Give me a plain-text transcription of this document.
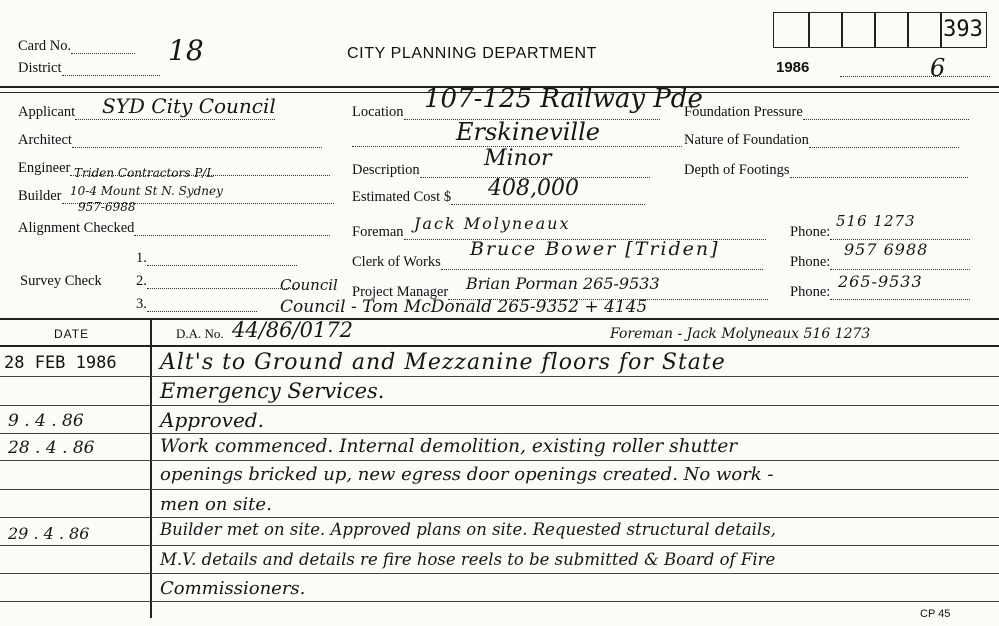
Card No.	18
District
CITY PLANNING DEPARTMENT
1986	6
393
Applicant	SYD City Council
Architect
Engineer Triden Contractors P/L
Builder 10-4 Mount St N. Sydney
957-6988
Alignment Checked
1.
Survey Check 2.
3.
Location 107-125 Railway Pde
Erskineville
Description	Minor
Estimated Cost $	408,000
Foreman Jack Molyneaux
Clerk of Works
Bruce Bower [Triden]
Council Project Manager	Brian Porman 265-9533
Council - Tom McDonald 265-9352 + 4145
Foundation Pressure
Nature of Foundation
Depth of Footings
Phone:
516 1273
Phone:
957 6988
Phone:
265-9533
DATE	D.A. No. 44/86/0172	Foreman - Jack Molyneaux 516 1273
28 FEB 1986 Alt's to Ground and Mezzanine floors for State
Emergency Services.
9 . 4 . 86	Approved.
28 . 4 . 86	Work commenced. Internal demolition, existing roller shutter
openings bricked up, new egress door openings created. No work -
men on site.
29 . 4 . 86	Builder met on site. Approved plans on site. Requested structural details,
M.V. details and details re fire hose reels to be submitted & Board of Fire
Commissioners.
CP 45
